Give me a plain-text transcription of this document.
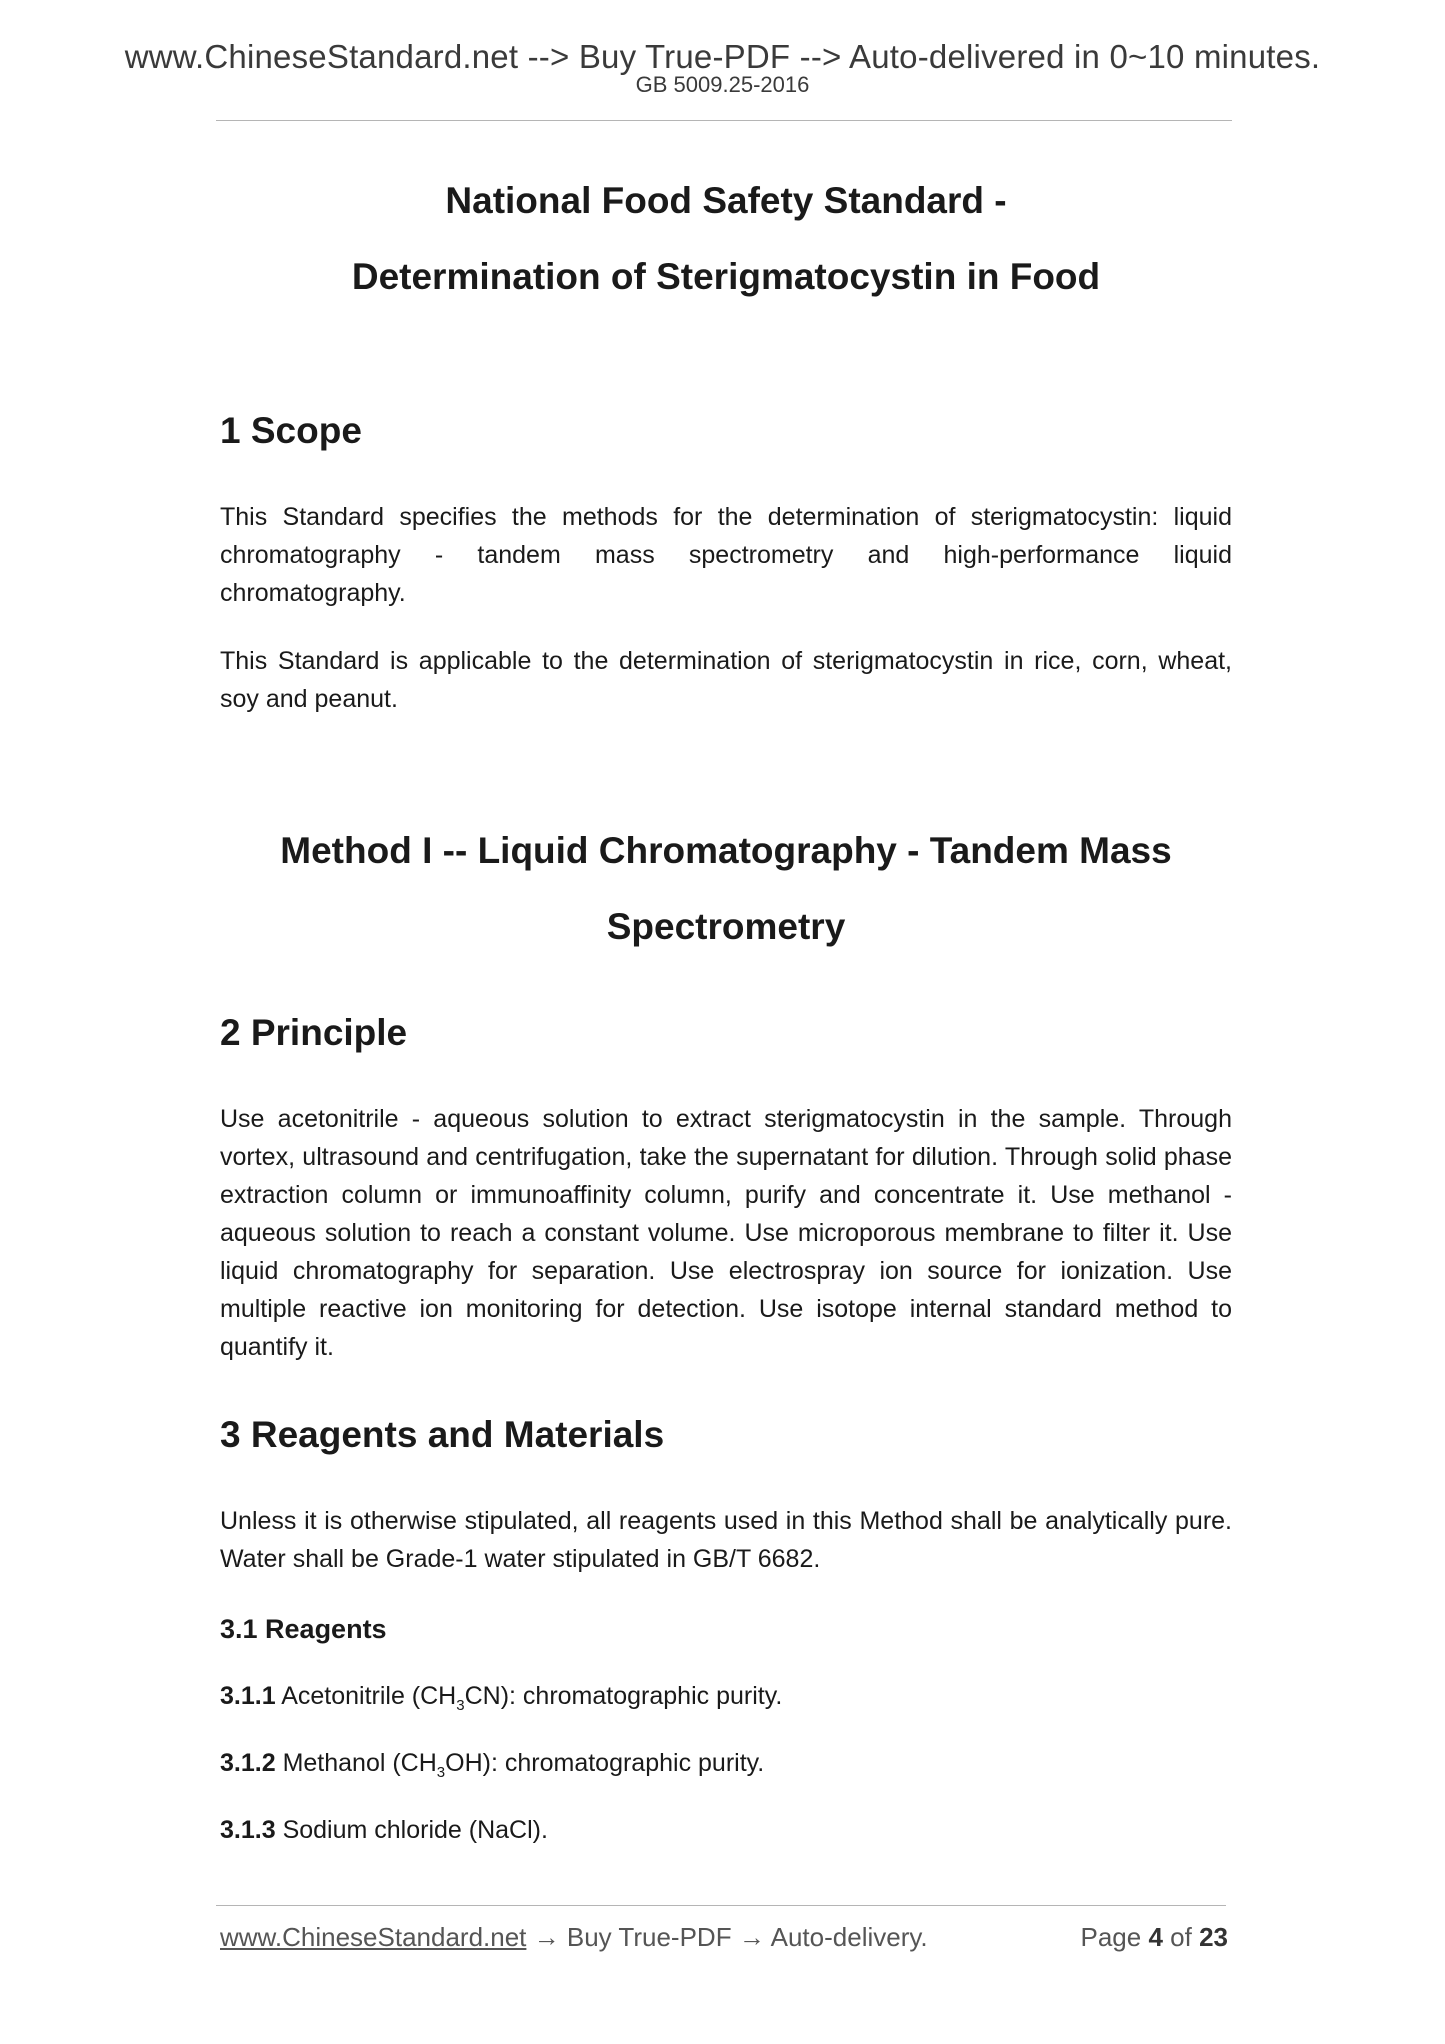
www.ChineseStandard.net --> Buy True-PDF --> Auto-delivered in 0~10 minutes.
GB 5009.25-2016
National Food Safety Standard -
Determination of Sterigmatocystin in Food
1 Scope

This Standard specifies the methods for the determination of sterigmatocystin: liquid chromatography - tandem mass spectrometry and high-performance liquid chromatography.

This Standard is applicable to the determination of sterigmatocystin in rice, corn, wheat, soy and peanut.

Method I -- Liquid Chromatography - Tandem Mass
Spectrometry
2 Principle

Use acetonitrile - aqueous solution to extract sterigmatocystin in the sample. Through vortex, ultrasound and centrifugation, take the supernatant for dilution. Through solid phase extraction column or immunoaffinity column, purify and concentrate it. Use methanol - aqueous solution to reach a constant volume. Use microporous membrane to filter it. Use liquid chromatography for separation. Use electrospray ion source for ionization. Use multiple reactive ion monitoring for detection. Use isotope internal standard method to quantify it.

3 Reagents and Materials

Unless it is otherwise stipulated, all reagents used in this Method shall be analytically pure. Water shall be Grade-1 water stipulated in GB/T 6682.

3.1 Reagents

3.1.1 Acetonitrile $(CH_3CN)$: chromatographic purity.

3.1.2 Methanol $(CH_3OH)$: chromatographic purity.

3.1.3 Sodium chloride (NaCl).

www.ChineseStandard.net → Buy True-PDF → Auto-delivery.	Page 4 of 23
